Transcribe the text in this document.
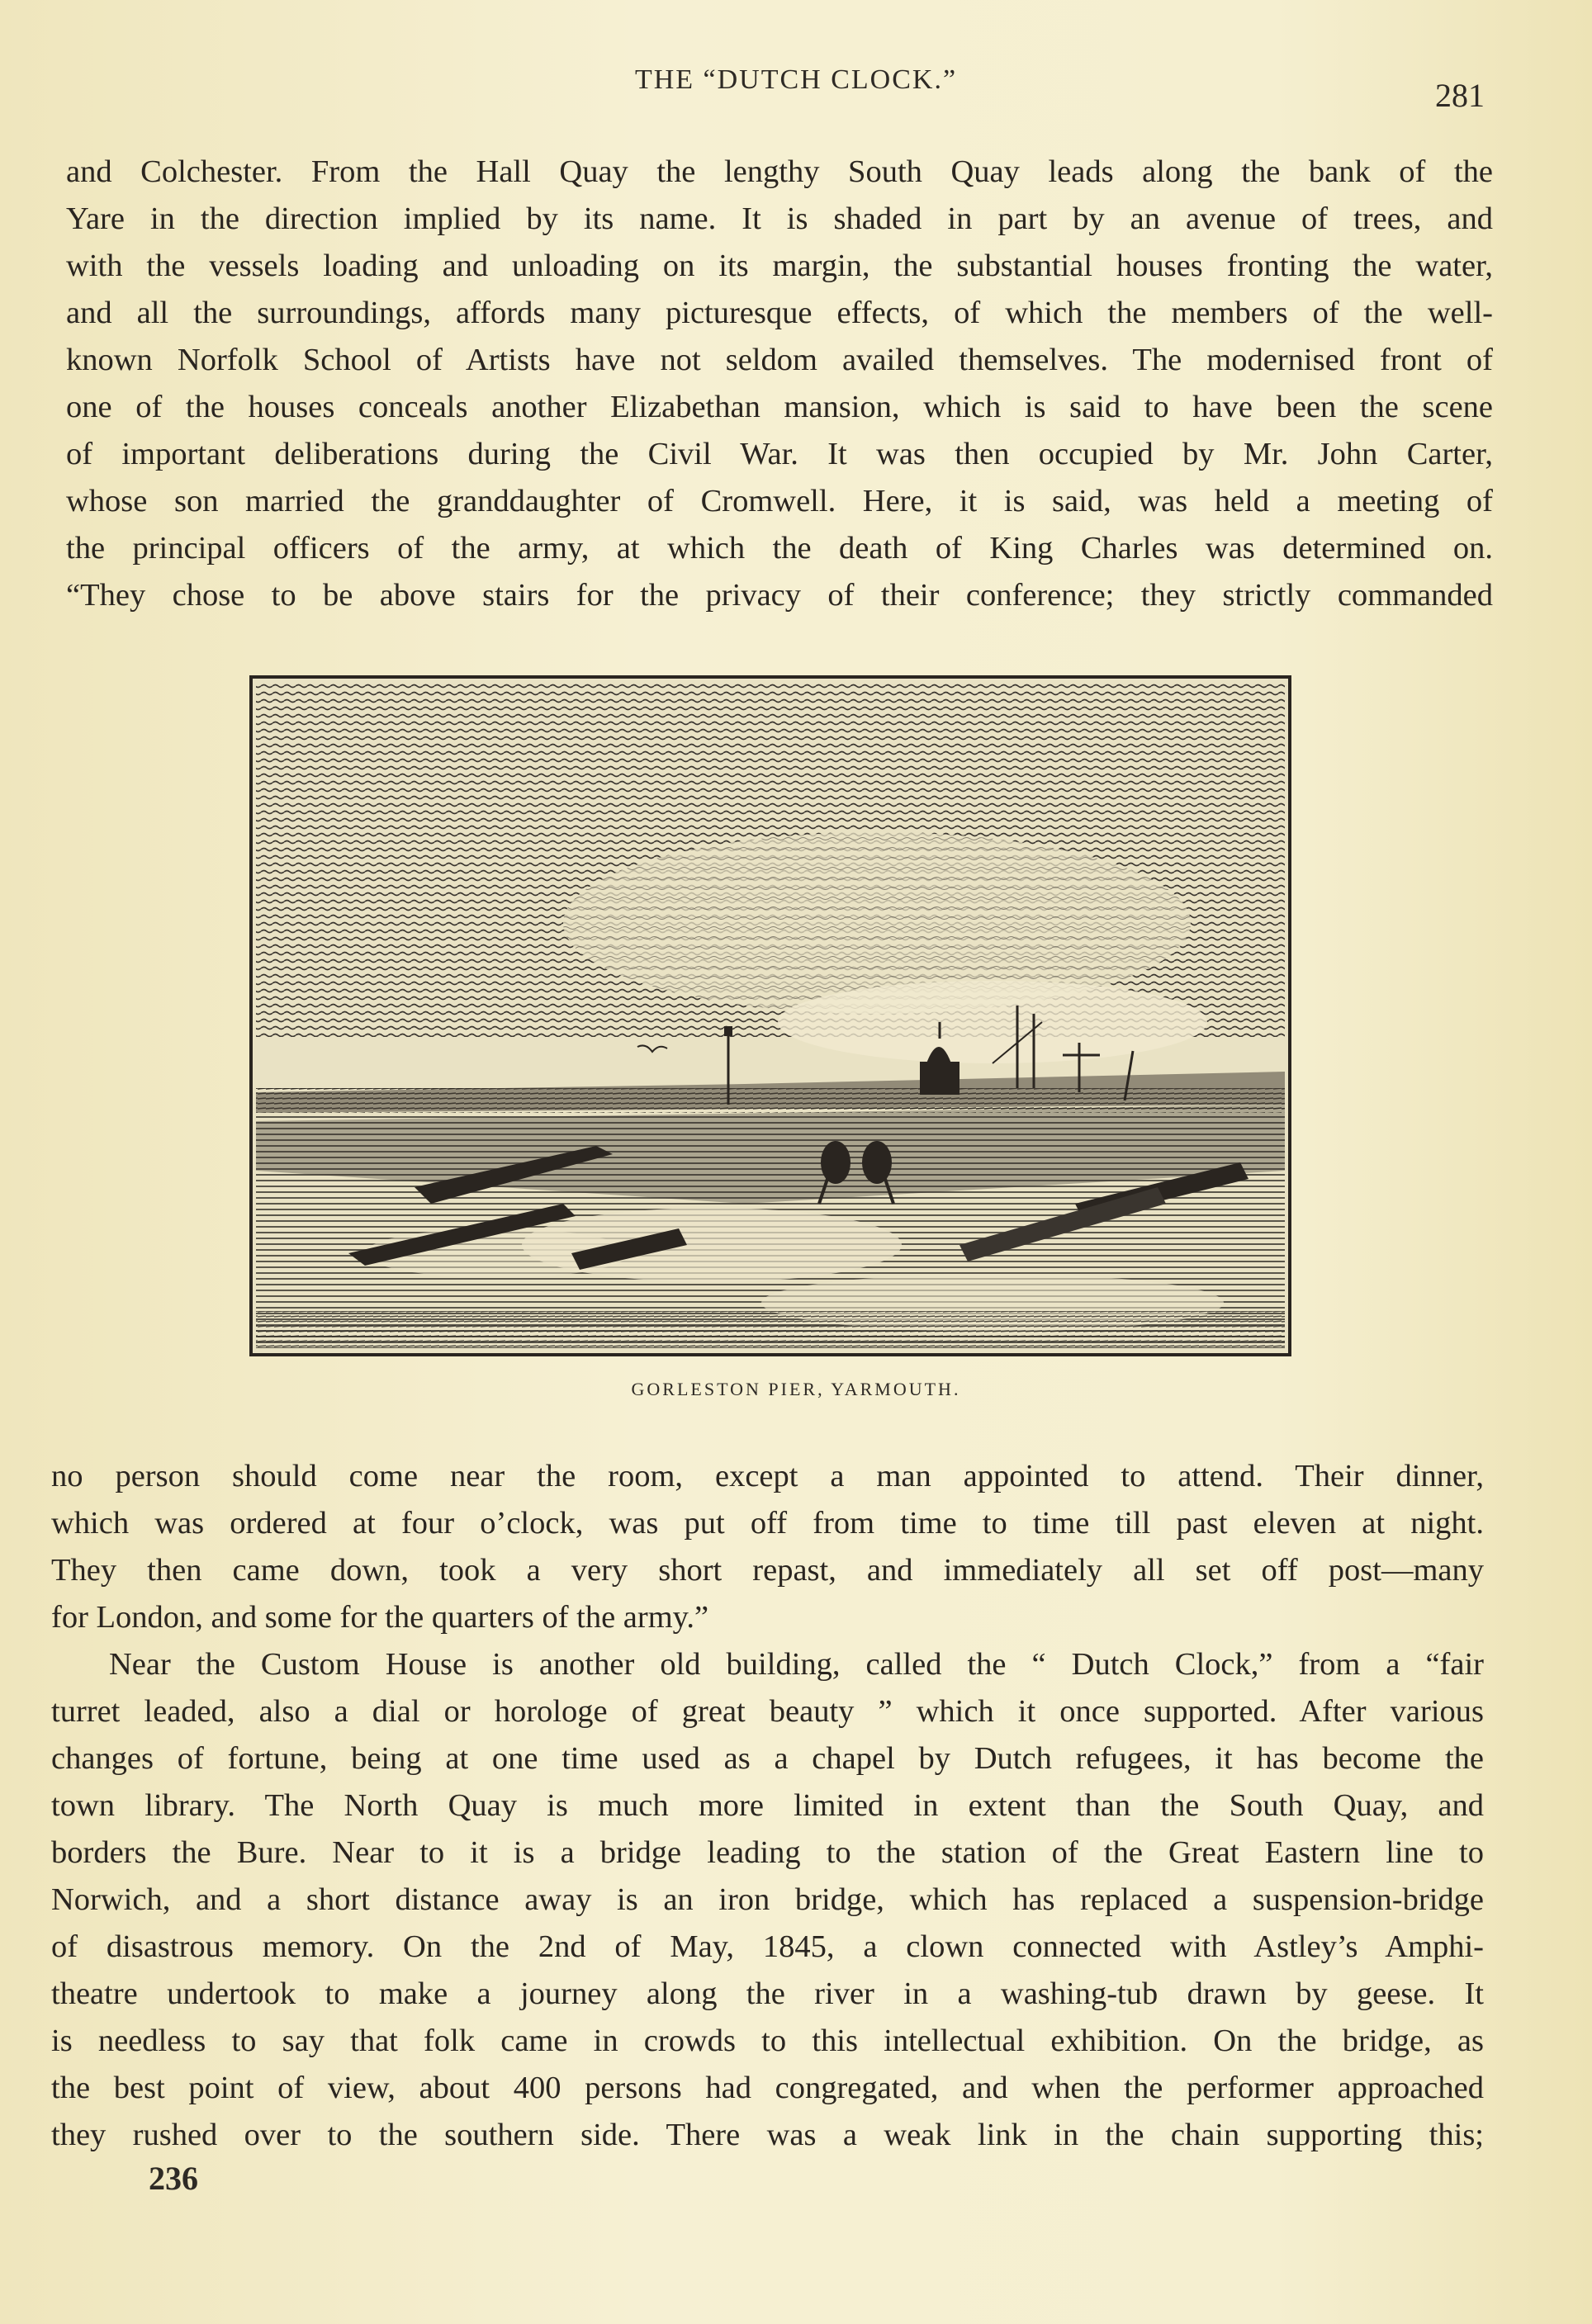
THE “DUTCH CLOCK.”	281
and Colchester. From the Hall Quay the lengthy South Quay leads along the bank of the
Yare in the direction implied by its name. It is shaded in part by an avenue of trees, and
with the vessels loading and unloading on its margin, the substantial houses fronting the water,
and all the surroundings, affords many picturesque effects, of which the members of the well-
known Norfolk School of Artists have not seldom availed themselves. The modernised front of
one of the houses conceals another Elizabethan mansion, which is said to have been the scene
of important deliberations during the Civil War. It was then occupied by Mr. John Carter,
whose son married the granddaughter of Cromwell. Here, it is said, was held a meeting of
the principal officers of the army, at which the death of King Charles was determined on.
“They chose to be above stairs for the privacy of their conference; they strictly commanded
GORLESTON PIER, YARMOUTH.
no person should come near the room, except a man appointed to attend. Their dinner,
which was ordered at four o’clock, was put off from time to time till past eleven at night.
They then came down, took a very short repast, and immediately all set off post—many
for London, and some for the quarters of the army.”
Near the Custom House is another old building, called the “ Dutch Clock,” from a “fair
turret leaded, also a dial or horologe of great beauty ” which it once supported. After various
changes of fortune, being at one time used as a chapel by Dutch refugees, it has become the
town library. The North Quay is much more limited in extent than the South Quay, and
borders the Bure. Near to it is a bridge leading to the station of the Great Eastern line to
Norwich, and a short distance away is an iron bridge, which has replaced a suspension-bridge
of disastrous memory. On the 2nd of May, 1845, a clown connected with Astley’s Amphi-
theatre undertook to make a journey along the river in a washing-tub drawn by geese. It
is needless to say that folk came in crowds to this intellectual exhibition. On the bridge, as
the best point of view, about 400 persons had congregated, and when the performer approached
they rushed over to the southern side. There was a weak link in the chain supporting this;
236
